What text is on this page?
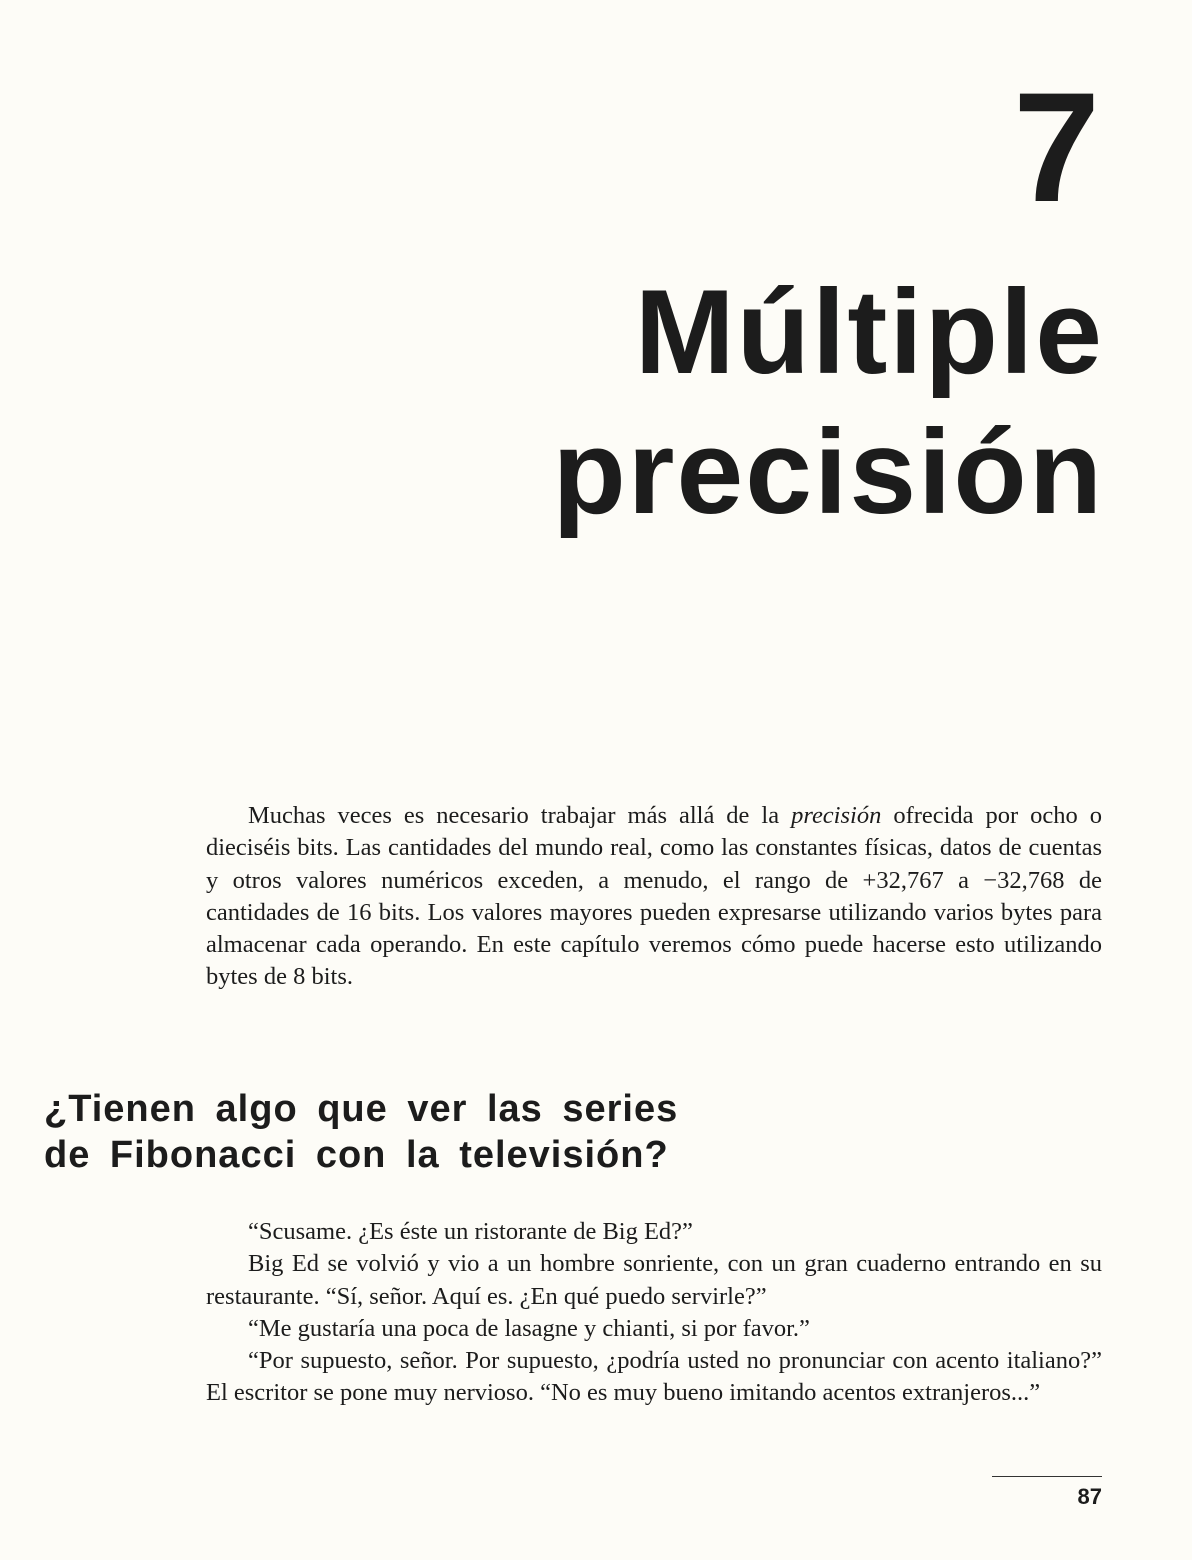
7
Múltiple
precisión

Muchas veces es necesario trabajar más allá de la precisión ofrecida por ocho o dieciséis bits. Las cantidades del mundo real, como las constantes físicas, datos de cuentas y otros valores numéricos exceden, a menudo, el rango de +32,767 a −32,768 de cantidades de 16 bits. Los valores mayores pueden expresarse utilizando varios bytes para almacenar cada operando. En este capítulo veremos cómo puede hacerse esto utilizando bytes de 8 bits.

¿Tienen algo que ver las series
de Fibonacci con la televisión?

“Scusame. ¿Es éste un ristorante de Big Ed?”

Big Ed se volvió y vio a un hombre sonriente, con un gran cuaderno entrando en su restaurante. “Sí, señor. Aquí es. ¿En qué puedo servirle?”

“Me gustaría una poca de lasagne y chianti, si por favor.”

“Por supuesto, señor. Por supuesto, ¿podría usted no pronunciar con acento italiano?” El escritor se pone muy nervioso. “No es muy bueno imitando acentos extranjeros...”

87
